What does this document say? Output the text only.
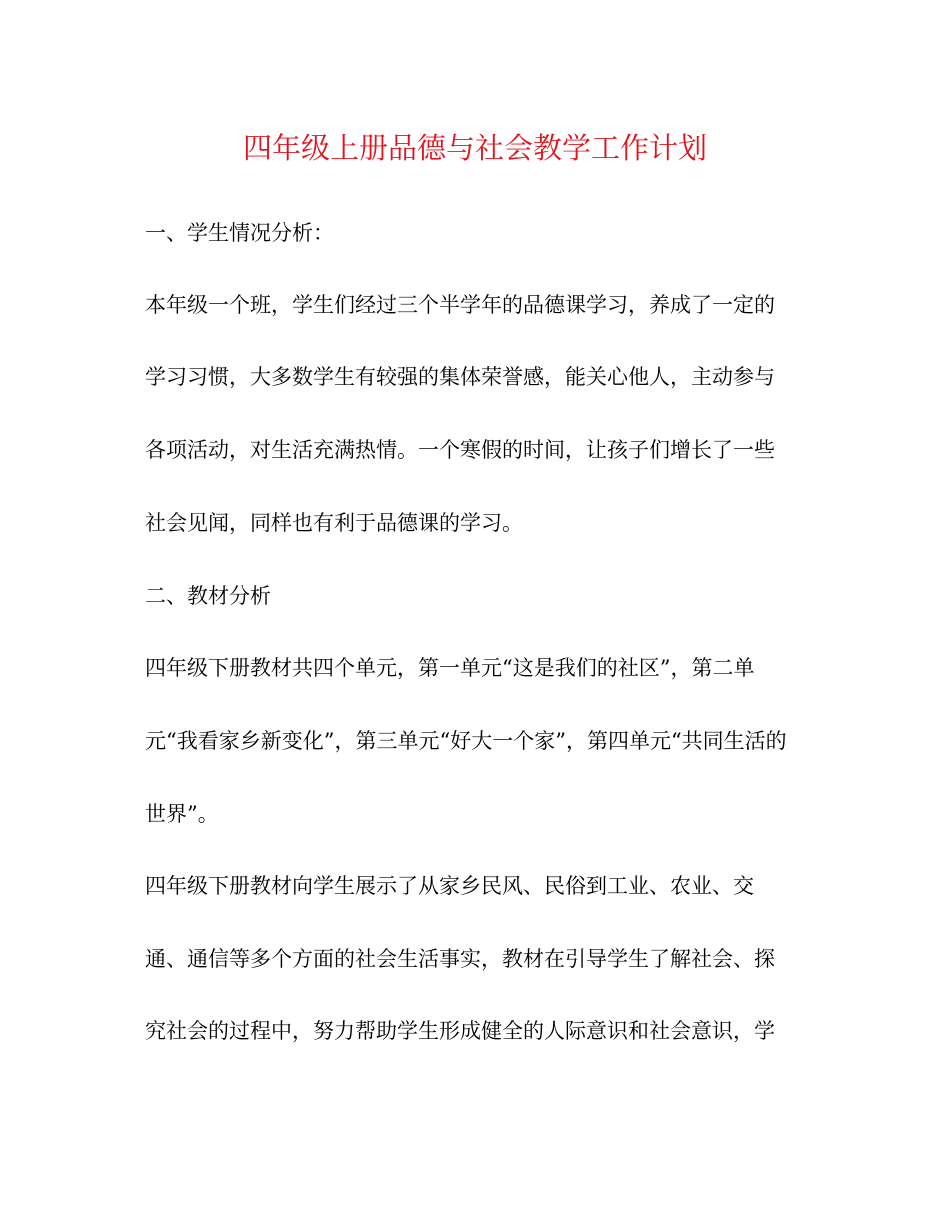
四年级上册品德与社会教学工作计划
一、学生情况分析：
本年级一个班，学生们经过三个半学年的品德课学习，养成了一定的
学习习惯，大多数学生有较强的集体荣誉感，能关心他人，主动参与
各项活动，对生活充满热情。一个寒假的时间，让孩子们增长了一些
社会见闻，同样也有利于品德课的学习。
二、教材分析
四年级下册教材共四个单元，第一单元“这是我们的社区”，第二单
元“我看家乡新变化”，第三单元“好大一个家”，第四单元“共同生活的
世界”。
四年级下册教材向学生展示了从家乡民风、民俗到工业、农业、交
通、通信等多个方面的社会生活事实，教材在引导学生了解社会、探
究社会的过程中，努力帮助学生形成健全的人际意识和社会意识，学
